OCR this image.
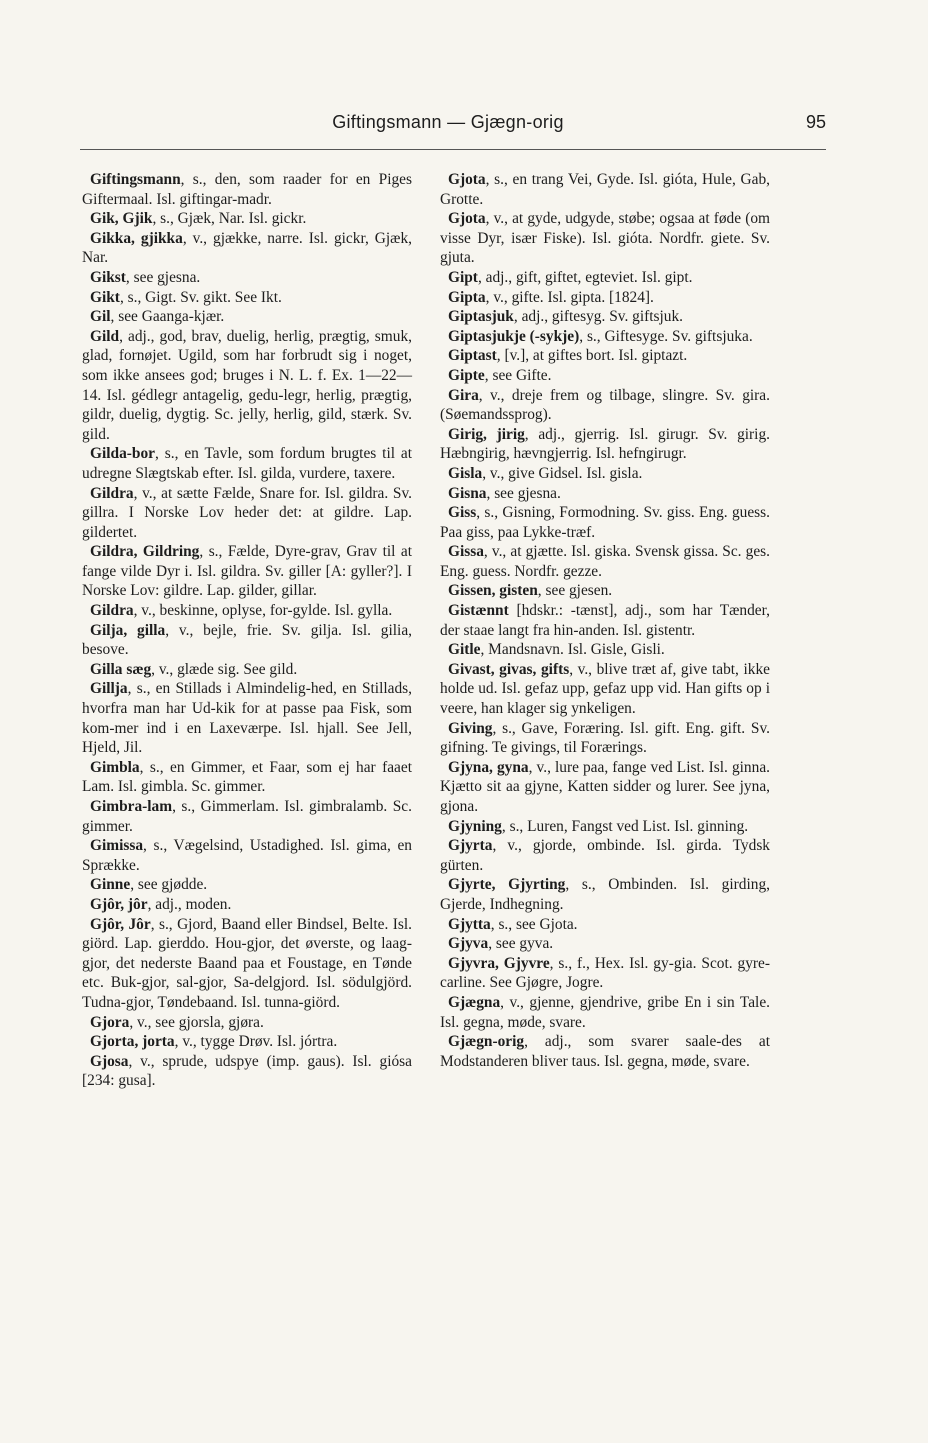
Giftingsmann — Gjægn-orig	95

Giftingsmann, s., den, som raader for en Piges Giftermaal. Isl. giftingar-madr.

Gik, Gjik, s., Gjæk, Nar. Isl. gickr.

Gikka, gjikka, v., gjække, narre. Isl. gickr, Gjæk, Nar.

Gikst, see gjesna.

Gikt, s., Gigt. Sv. gikt. See Ikt.

Gil, see Gaanga-kjær.

Gild, adj., god, brav, duelig, herlig, prægtig, smuk, glad, fornøjet. Ugild, som har forbrudt sig i noget, som ikke ansees god; bruges i N. L. f. Ex. 1—22—14. Isl. gédlegr antagelig, gedu-legr, herlig, prægtig, gildr, duelig, dygtig. Sc. jelly, herlig, gild, stærk. Sv. gild.

Gilda-bor, s., en Tavle, som fordum brugtes til at udregne Slægtskab efter. Isl. gilda, vurdere, taxere.

Gildra, v., at sætte Fælde, Snare for. Isl. gildra. Sv. gillra. I Norske Lov heder det: at gildre. Lap. gildertet.

Gildra, Gildring, s., Fælde, Dyre-grav, Grav til at fange vilde Dyr i. Isl. gildra. Sv. giller [A: gyller?]. I Norske Lov: gildre. Lap. gilder, gillar.

Gildra, v., beskinne, oplyse, for-gylde. Isl. gylla.

Gilja, gilla, v., bejle, frie. Sv. gilja. Isl. gilia, besove.

Gilla sæg, v., glæde sig. See gild.

Gillja, s., en Stillads i Almindelig-hed, en Stillads, hvorfra man har Ud-kik for at passe paa Fisk, som kom-mer ind i en Laxeværpe. Isl. hjall. See Jell, Hjeld, Jil.

Gimbla, s., en Gimmer, et Faar, som ej har faaet Lam. Isl. gimbla. Sc. gimmer.

Gimbra-lam, s., Gimmerlam. Isl. gimbralamb. Sc. gimmer.

Gimissa, s., Vægelsind, Ustadighed. Isl. gima, en Sprække.

Ginne, see gjødde.

Gjôr, jôr, adj., moden.

Gjôr, Jôr, s., Gjord, Baand eller Bindsel, Belte. Isl. giörd. Lap. gierddo. Hou-gjor, det øverste, og laag-gjor, det nederste Baand paa et Foustage, en Tønde etc. Buk-gjor, sal-gjor, Sa-delgjord. Isl. södulgjörd. Tudna-gjor, Tøndebaand. Isl. tunna-giörd.

Gjora, v., see gjorsla, gjøra.

Gjorta, jorta, v., tygge Drøv. Isl. jórtra.

Gjosa, v., sprude, udspye (imp. gaus). Isl. giósa [234: gusa].

Gjota, s., en trang Vei, Gyde. Isl. gióta, Hule, Gab, Grotte.

Gjota, v., at gyde, udgyde, støbe; ogsaa at føde (om visse Dyr, især Fiske). Isl. gióta. Nordfr. giete. Sv. gjuta.

Gipt, adj., gift, giftet, egteviet. Isl. gipt.

Gipta, v., gifte. Isl. gipta. [1824].

Giptasjuk, adj., giftesyg. Sv. giftsjuk.

Giptasjukje (-sykje), s., Giftesyge. Sv. giftsjuka.

Giptast, [v.], at giftes bort. Isl. giptazt.

Gipte, see Gifte.

Gira, v., dreje frem og tilbage, slingre. Sv. gira. (Søemandssprog).

Girig, jirig, adj., gjerrig. Isl. girugr. Sv. girig. Hæbngirig, hævngjerrig. Isl. hefngirugr.

Gisla, v., give Gidsel. Isl. gisla.

Gisna, see gjesna.

Giss, s., Gisning, Formodning. Sv. giss. Eng. guess. Paa giss, paa Lykke-træf.

Gissa, v., at gjætte. Isl. giska. Svensk gissa. Sc. ges. Eng. guess. Nordfr. gezze.

Gissen, gisten, see gjesen.

Gistænnt [hdskr.: -tænst], adj., som har Tænder, der staae langt fra hin-anden. Isl. gistentr.

Gitle, Mandsnavn. Isl. Gisle, Gisli.

Givast, givas, gifts, v., blive træt af, give tabt, ikke holde ud. Isl. gefaz upp, gefaz upp vid. Han gifts op i veere, han klager sig ynkeligen.

Giving, s., Gave, Foræring. Isl. gift. Eng. gift. Sv. gifning. Te givings, til Forærings.

Gjyna, gyna, v., lure paa, fange ved List. Isl. ginna. Kjætto sit aa gjyne, Katten sidder og lurer. See jyna, gjona.

Gjyning, s., Luren, Fangst ved List. Isl. ginning.

Gjyrta, v., gjorde, ombinde. Isl. girda. Tydsk gürten.

Gjyrte, Gjyrting, s., Ombinden. Isl. girding, Gjerde, Indhegning.

Gjytta, s., see Gjota.

Gjyva, see gyva.

Gjyvra, Gjyvre, s., f., Hex. Isl. gy-gia. Scot. gyre-carline. See Gjøgre, Jogre.

Gjægna, v., gjenne, gjendrive, gribe En i sin Tale. Isl. gegna, møde, svare.

Gjægn-orig, adj., som svarer saale-des at Modstanderen bliver taus. Isl. gegna, møde, svare.
